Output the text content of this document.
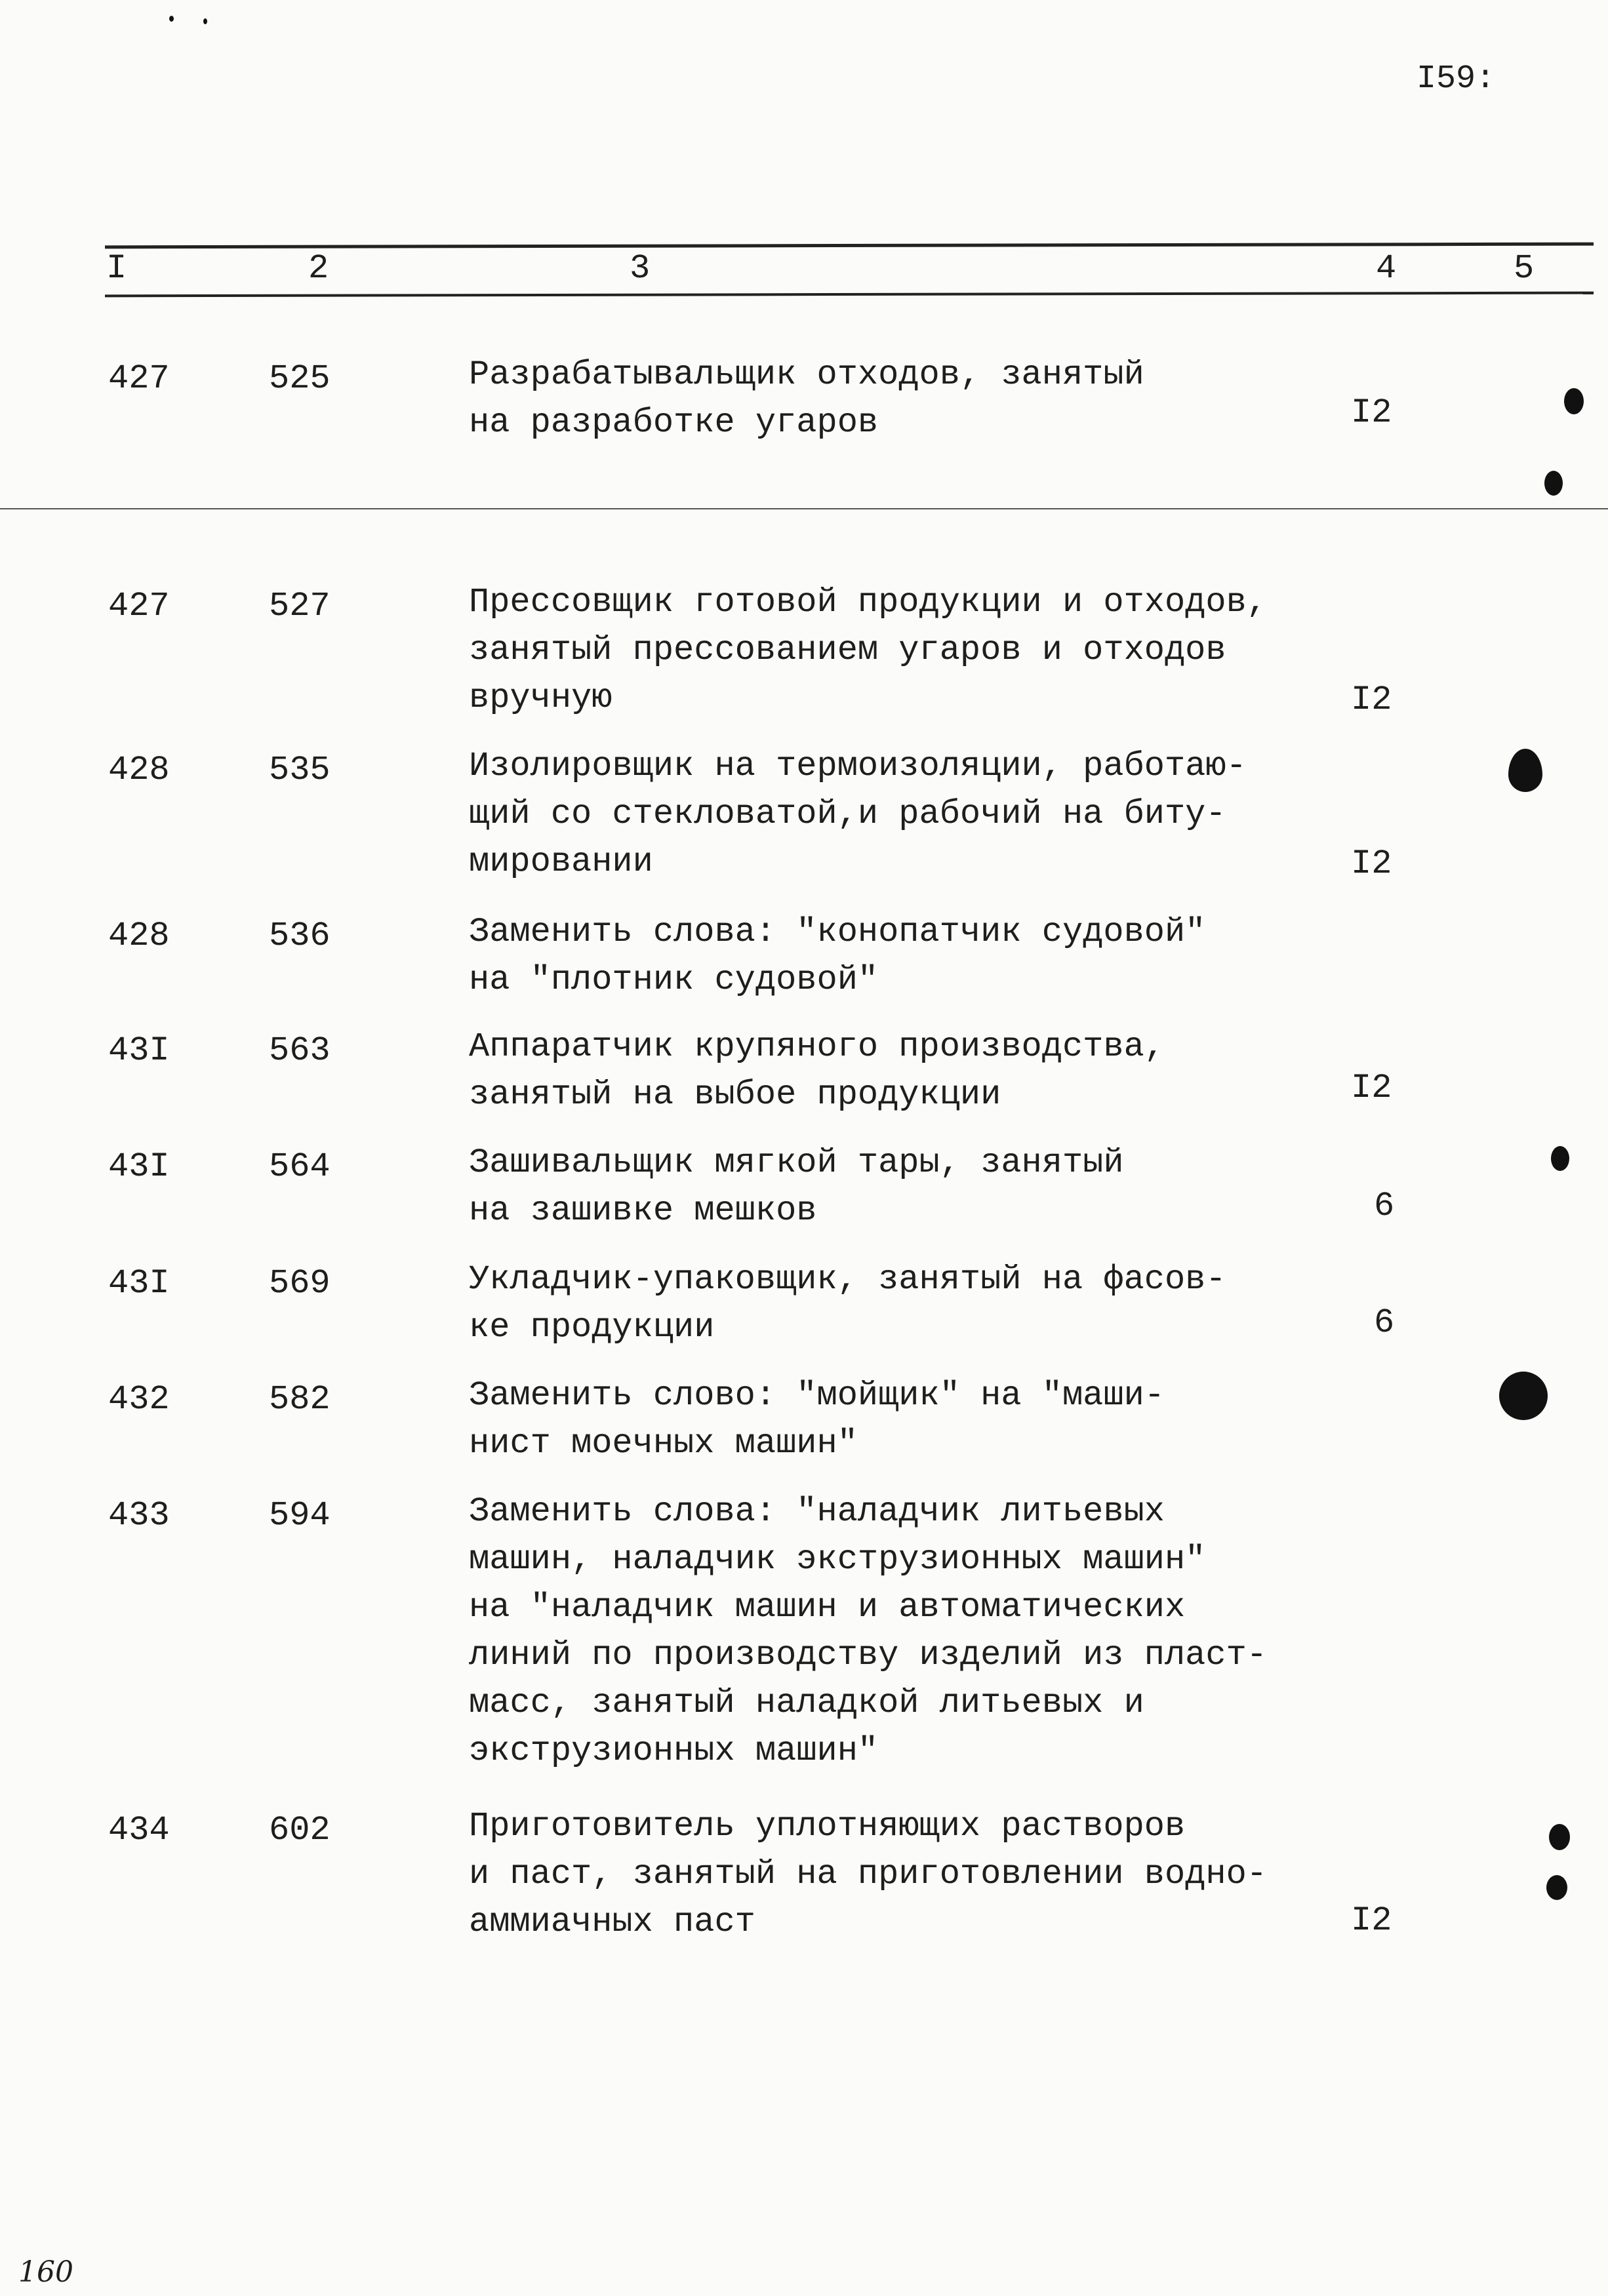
I59:
I	2	3	4	5
427	525	Разрабатывальщик отходов, занятый
на разработке угаров	I2
427	527	Прессовщик готовой продукции и отходов,
занятый прессованием угаров и отходов
вручную	I2
428	535	Изолировщик на термоизоляции, работаю-
щий со стекловатой,и рабочий на биту-
мировании	I2
428	536	Заменить слова: "конопатчик судовой"
на "плотник судовой"
43I	563	Аппаратчик крупяного производства,
занятый на выбое продукции	I2
43I	564	Зашивальщик мягкой тары, занятый
на зашивке мешков	6
43I	569	Укладчик-упаковщик, занятый на фасов-
ке продукции	6
432	582	Заменить слово: "мойщик" на "маши-
нист моечных машин"
433	594	Заменить слова: "наладчик литьевых
машин, наладчик экструзионных машин"
на "наладчик машин и автоматических
линий по производству изделий из пласт-
масс, занятый наладкой литьевых и
экструзионных машин"
434	602	Приготовитель уплотняющих растворов
и паст, занятый на приготовлении водно-
аммиачных паст	I2
160
